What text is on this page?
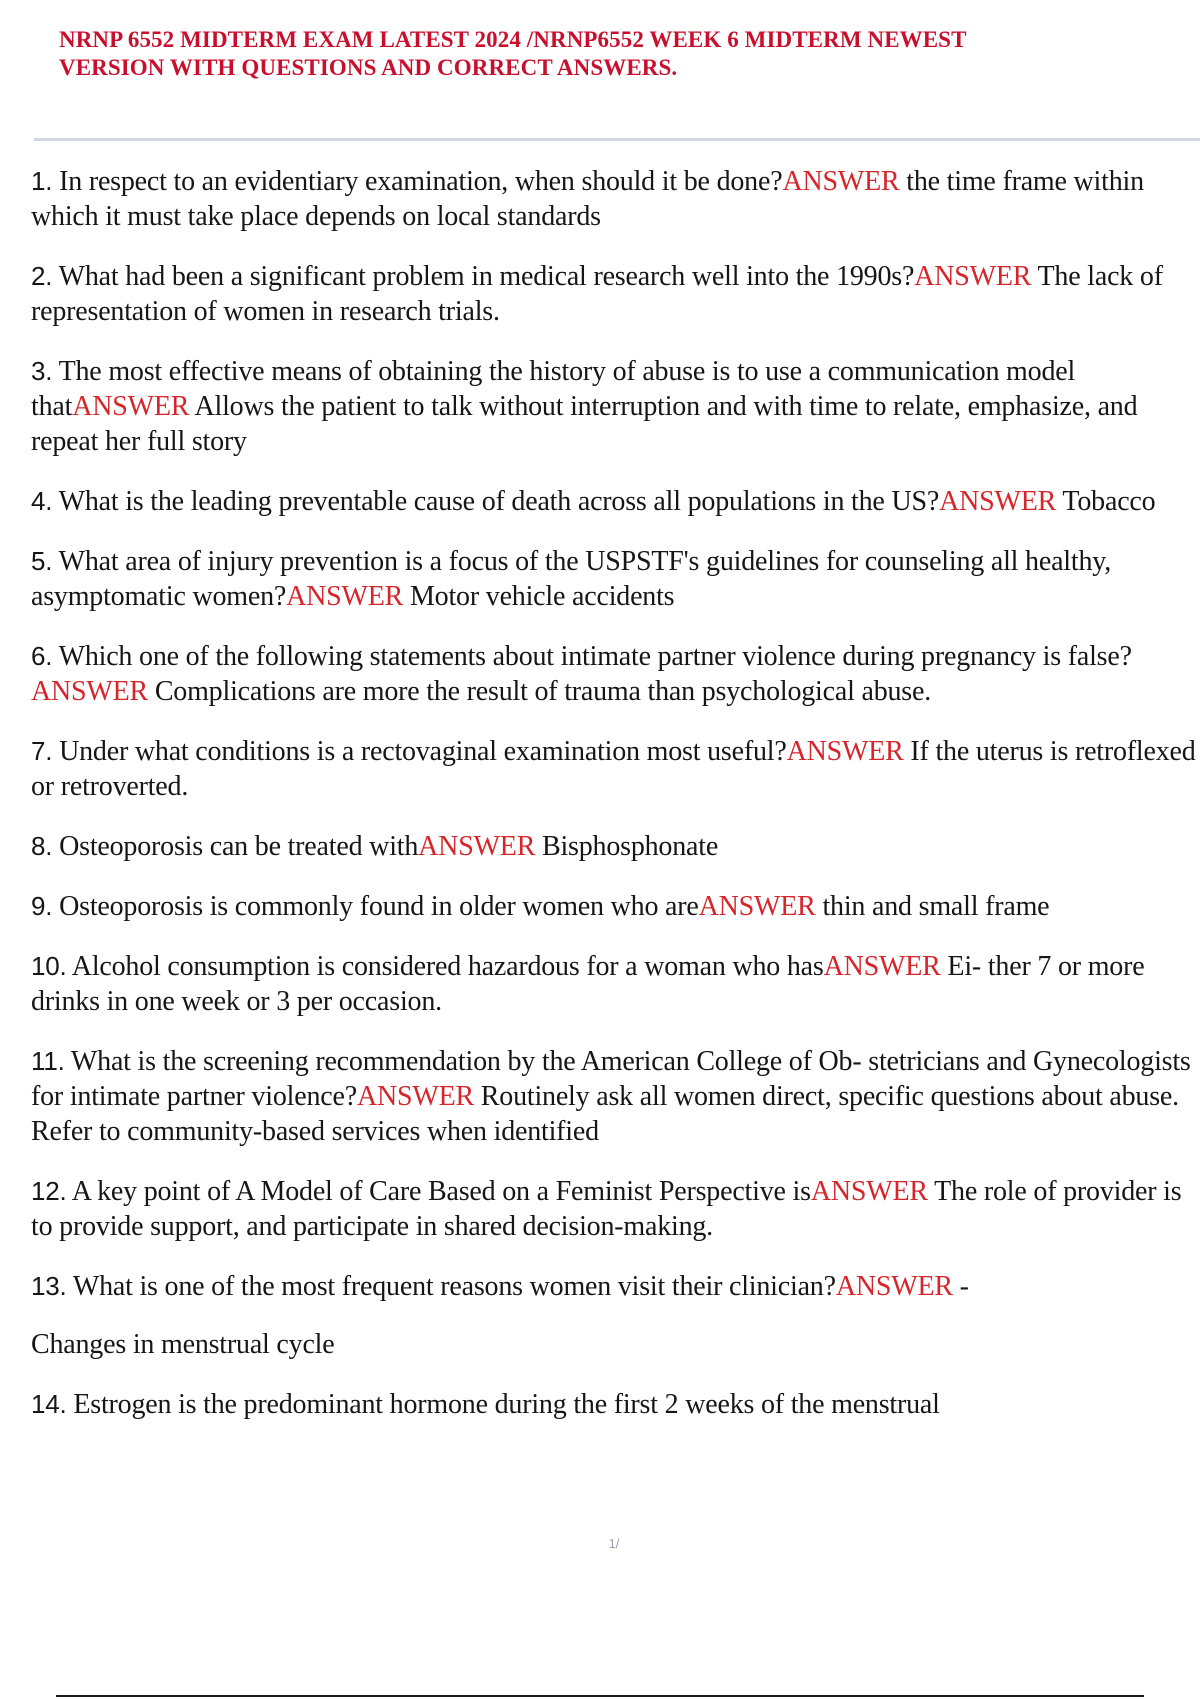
NRNP 6552 MIDTERM EXAM LATEST 2024 /NRNP6552 WEEK 6 MIDTERM NEWEST
VERSION WITH QUESTIONS AND CORRECT ANSWERS.

1. In respect to an evidentiary examination, when should it be done?ANSWER the time frame within which it must take place depends on local standards

2. What had been a significant problem in medical research well into the 1990s?ANSWER The lack of representation of women in research trials.

3. The most effective means of obtaining the history of abuse is to use a communication model thatANSWER Allows the patient to talk without interruption and with time to relate, emphasize, and repeat her full story

4. What is the leading preventable cause of death across all populations in the US?ANSWER Tobacco

5. What area of injury prevention is a focus of the USPSTF's guidelines for counseling all healthy, asymptomatic women?ANSWER Motor vehicle accidents

6. Which one of the following statements about intimate partner violence during pregnancy is false?ANSWER Complications are more the result of trauma than psychological abuse.

7. Under what conditions is a rectovaginal examination most useful?ANSWER If the uterus is retroflexed or retroverted.

8. Osteoporosis can be treated withANSWER Bisphosphonate

9. Osteoporosis is commonly found in older women who areANSWER thin and small frame

10. Alcohol consumption is considered hazardous for a woman who hasANSWER Ei- ther 7 or more drinks in one week or 3 per occasion.

11. What is the screening recommendation by the American College of Ob- stetricians and Gynecologists for intimate partner violence?ANSWER Routinely ask all women direct, specific questions about abuse. Refer to community-based services when identified

12. A key point of A Model of Care Based on a Feminist Perspective isANSWER The role of provider is to provide support, and participate in shared decision-making.

13. What is one of the most frequent reasons women visit their clinician?ANSWER -
Changes in menstrual cycle

14. Estrogen is the predominant hormone during the first 2 weeks of the menstrual

1/
